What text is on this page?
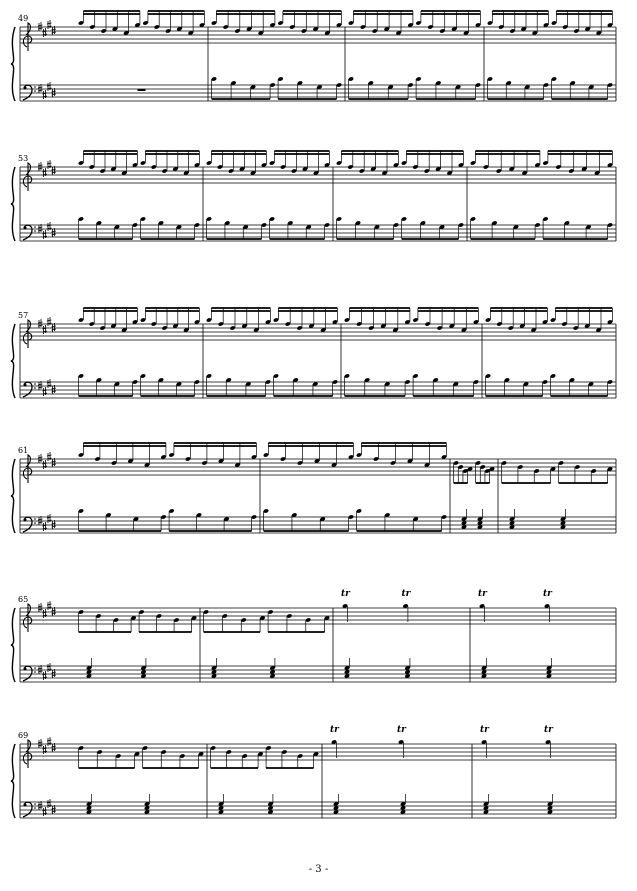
49
53
57
61
65
tr	tr	tr	tr
69
tr	tr	tr	tr
- 3 -
